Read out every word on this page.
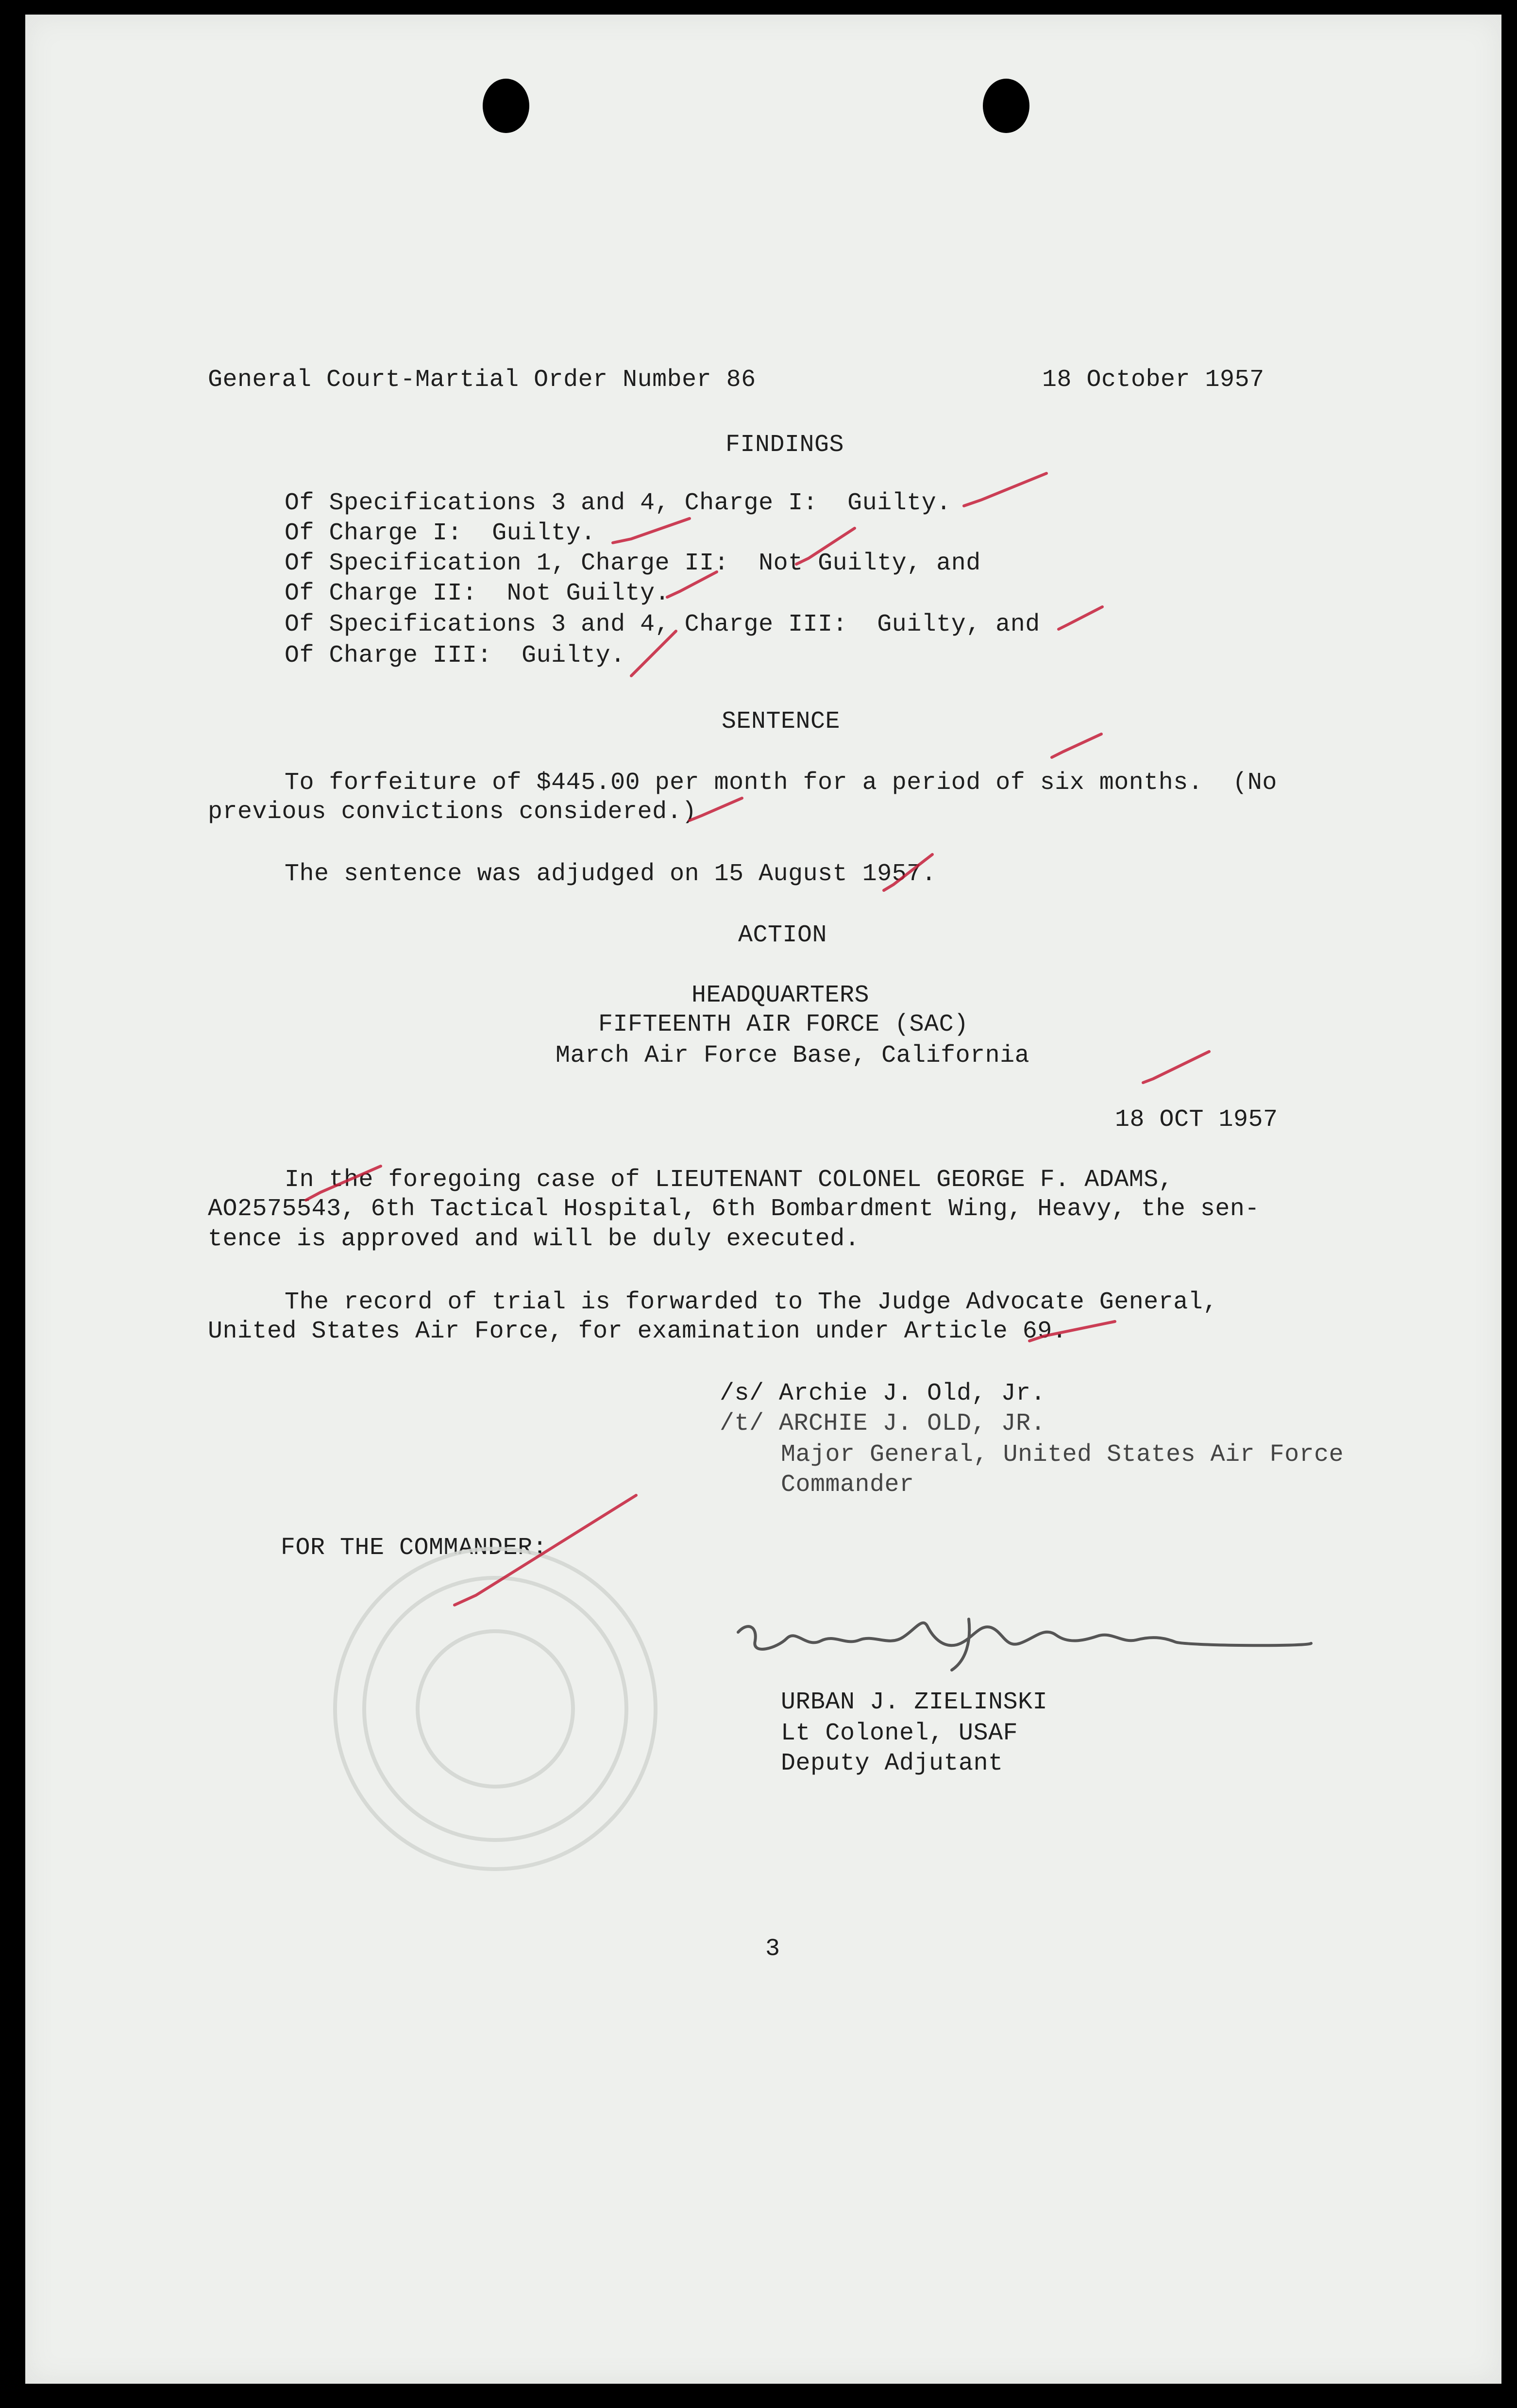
General Court-Martial Order Number 86	18 October 1957

FINDINGS

Of Specifications 3 and 4, Charge I:  Guilty.

Of Charge I:  Guilty.

Of Specification 1, Charge II:  Not Guilty, and

Of Charge II:  Not Guilty.

Of Specifications 3 and 4, Charge III:  Guilty, and

Of Charge III:  Guilty.

SENTENCE

To forfeiture of $445.00 per month for a period of six months.  (No

previous convictions considered.)

The sentence was adjudged on 15 August 1957.

ACTION

HEADQUARTERS

FIFTEENTH AIR FORCE (SAC)

March Air Force Base, California

18 OCT 1957

In the foregoing case of LIEUTENANT COLONEL GEORGE F. ADAMS,

AO2575543, 6th Tactical Hospital, 6th Bombardment Wing, Heavy, the sen-

tence is approved and will be duly executed.

The record of trial is forwarded to The Judge Advocate General,

United States Air Force, for examination under Article 69.

/s/ Archie J. Old, Jr.

/t/ ARCHIE J. OLD, JR.

Major General, United States Air Force

Commander

FOR THE COMMANDER:

URBAN J. ZIELINSKI

Lt Colonel, USAF

Deputy Adjutant

3
